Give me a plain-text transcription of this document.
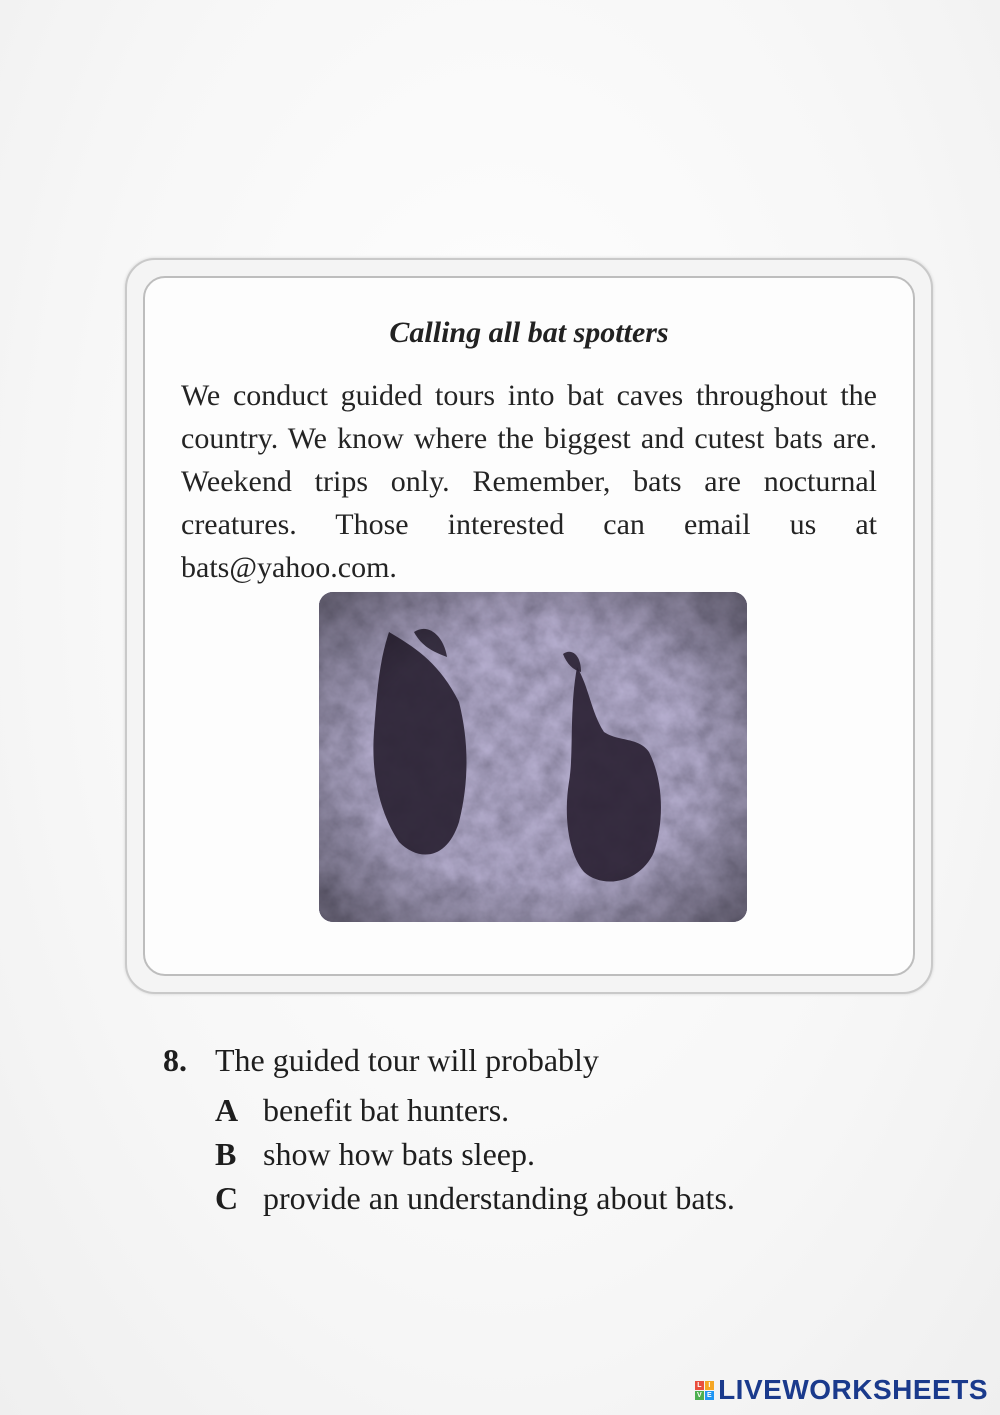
Calling all bat spotters
We conduct guided tours into bat caves throughout the country. We know where the biggest and cutest bats are. Weekend trips only. Remember, bats are nocturnal creatures. Those interested can email us at bats@yahoo.com.
8. The guided tour will probably
A benefit bat hunters.
B show how bats sleep.
C provide an understanding about bats.
L I
V E LIVEWORKSHEETS
